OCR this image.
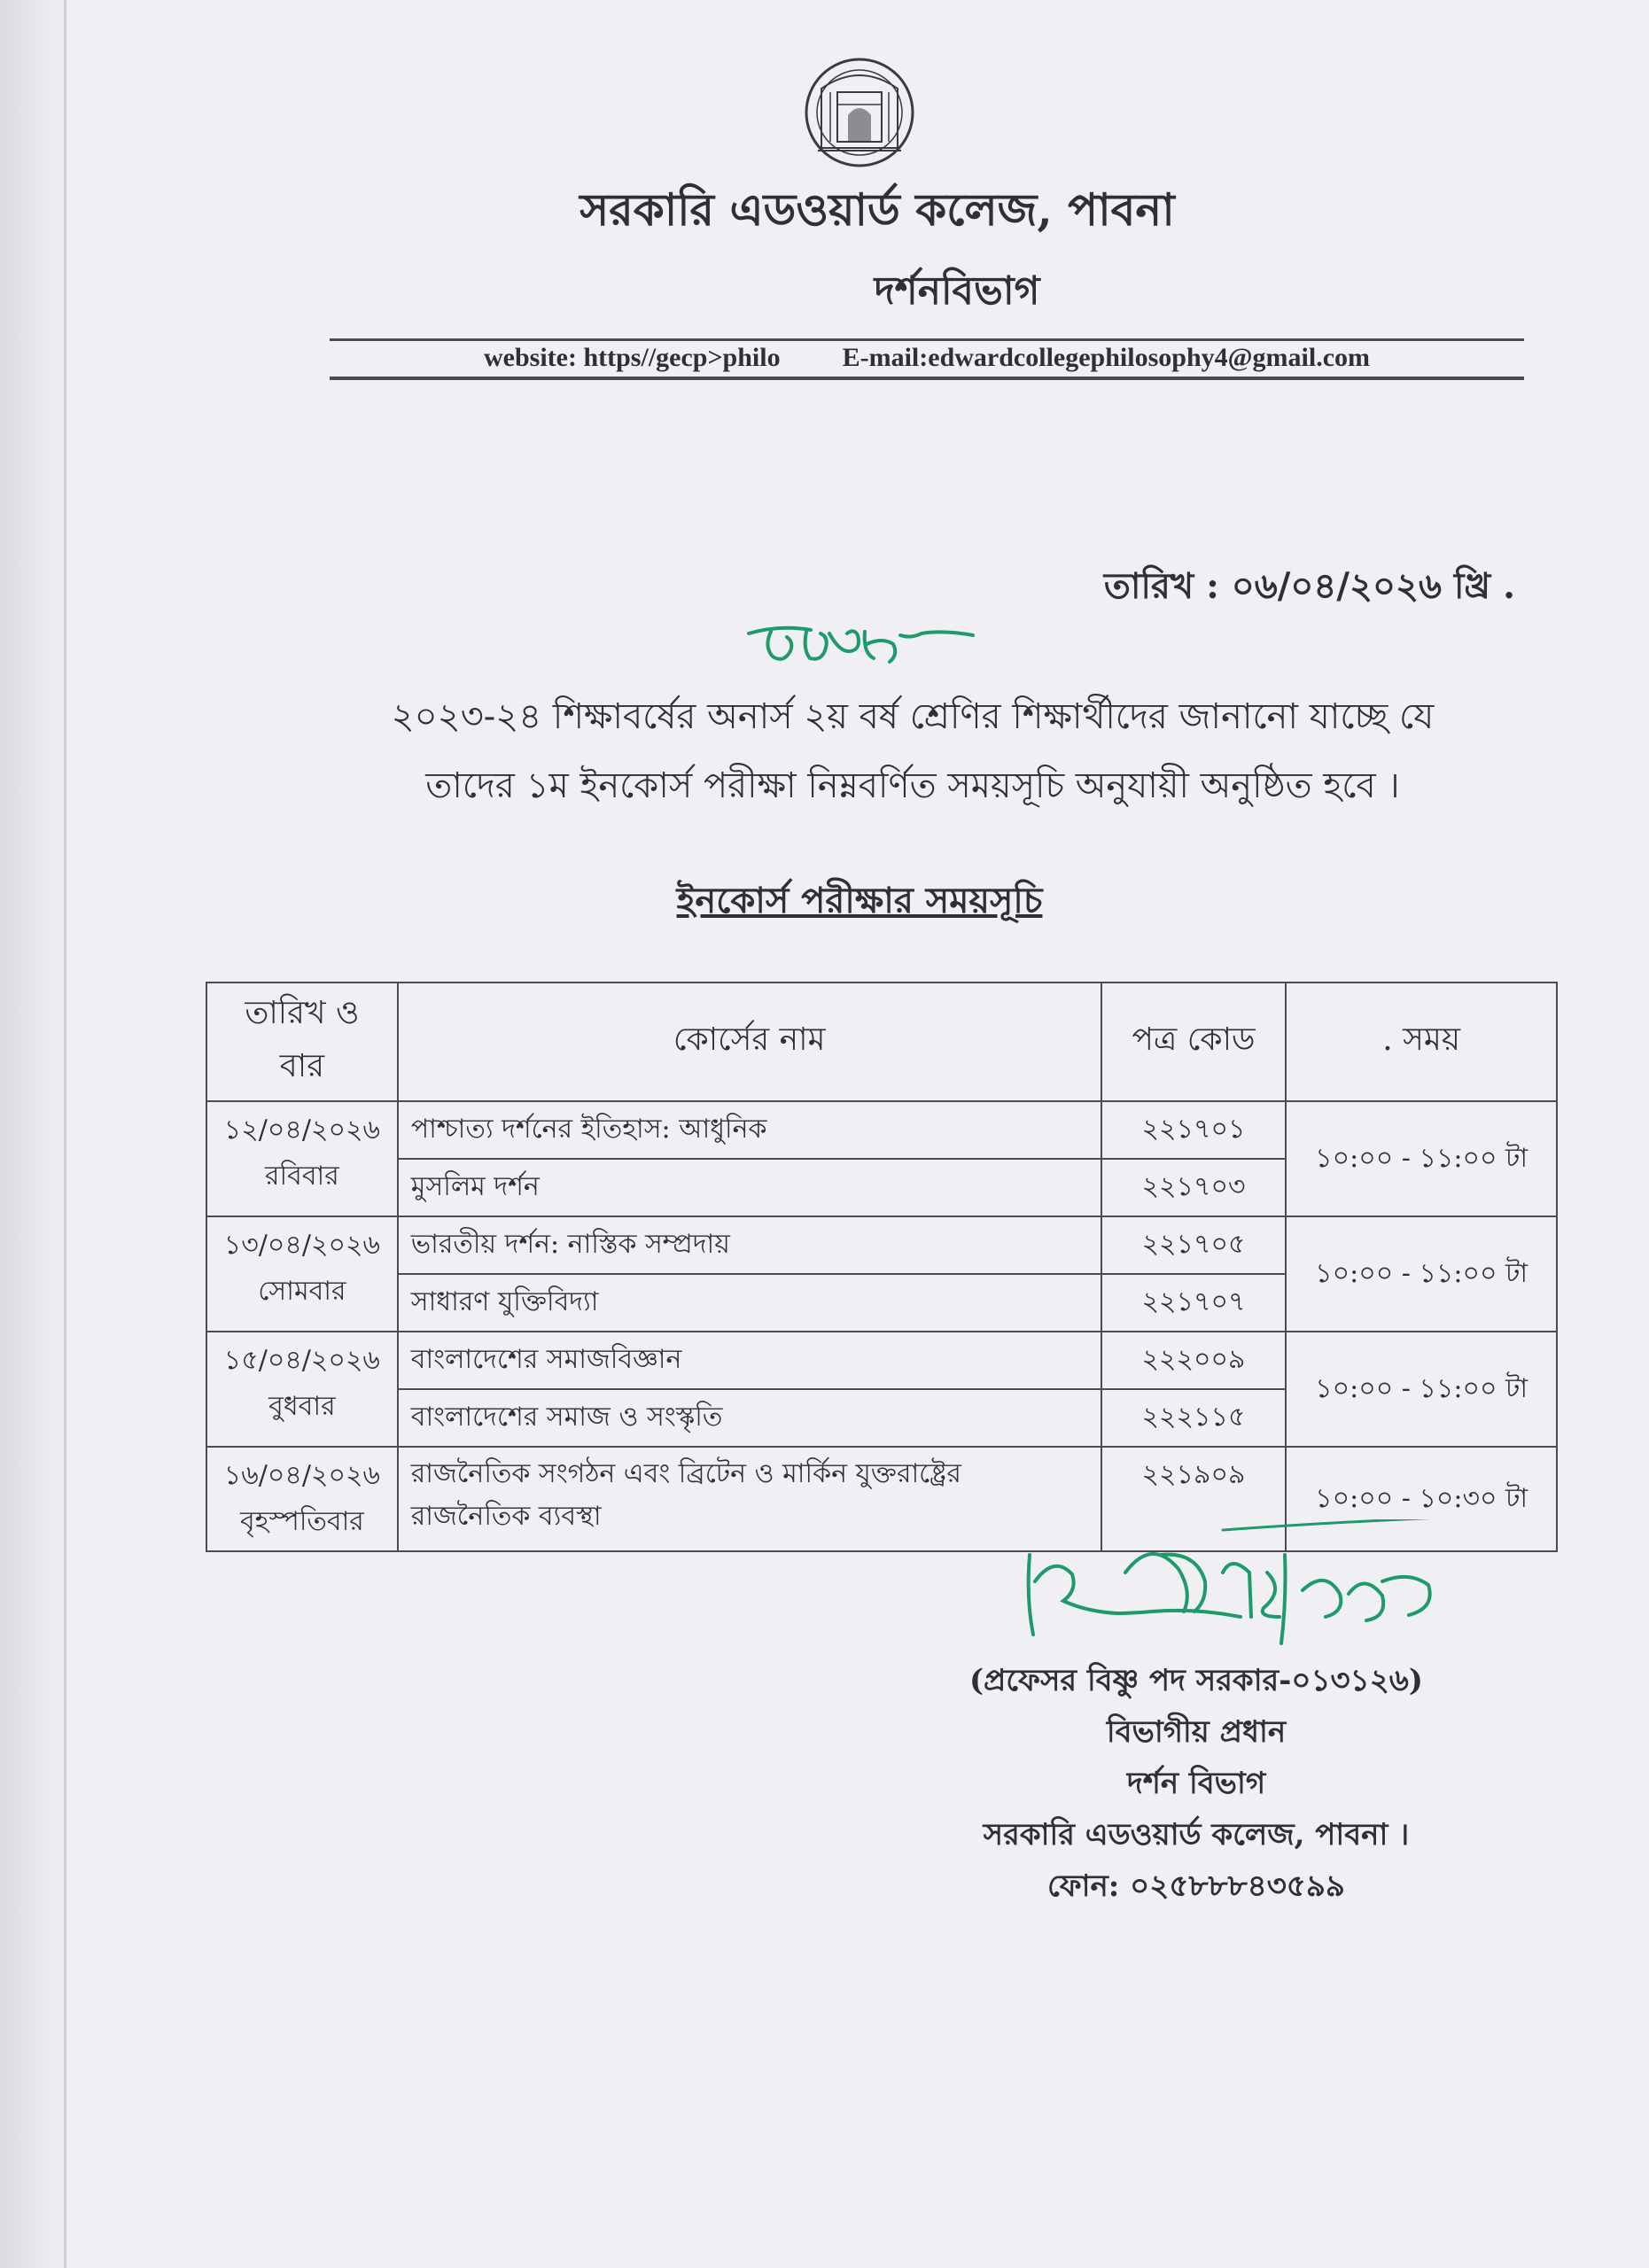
সরকারি এডওয়ার্ড কলেজ, পাবনা
দর্শনবিভাগ
website: https//gecp>philo E-mail:edwardcollegephilosophy4@gmail.com
তারিখ : ০৬/০৪/২০২৬ খ্রি .
২০২৩-২৪ শিক্ষাবর্ষের অনার্স ২য় বর্ষ শ্রেণির শিক্ষার্থীদের জানানো যাচ্ছে যে
তাদের ১ম ইনকোর্স পরীক্ষা নিম্নবর্ণিত সময়সূচি অনুযায়ী অনুষ্ঠিত হবে ।
ইনকোর্স পরীক্ষার সময়সূচি
তারিখ ও বার	কোর্সের নাম	পত্র কোড	. সময়

১২/০৪/২০২৬
রবিবার	পাশ্চাত্য দর্শনের ইতিহাস: আধুনিক	২২১৭০১	১০:০০ - ১১:০০ টা
	মুসলিম দর্শন	২২১৭০৩	

১৩/০৪/২০২৬
সোমবার	ভারতীয় দর্শন: নাস্তিক সম্প্রদায়	২২১৭০৫	১০:০০ - ১১:০০ টা
	সাধারণ যুক্তিবিদ্যা	২২১৭০৭	

১৫/০৪/২০২৬
বুধবার	বাংলাদেশের সমাজবিজ্ঞান	২২২০০৯	১০:০০ - ১১:০০ টা
	বাংলাদেশের সমাজ ও সংস্কৃতি	২২২১১৫	

১৬/০৪/২০২৬
বৃহস্পতিবার	রাজনৈতিক সংগঠন এবং ব্রিটেন ও মার্কিন যুক্তরাষ্ট্রের রাজনৈতিক ব্যবস্থা	২২১৯০৯	১০:০০ - ১০:৩০ টা
(প্রফেসর বিষ্ণু পদ সরকার-০১৩১২৬)
বিভাগীয় প্রধান
দর্শন বিভাগ
সরকারি এডওয়ার্ড কলেজ, পাবনা ।
ফোন: ০২৫৮৮৮৪৩৫৯৯
